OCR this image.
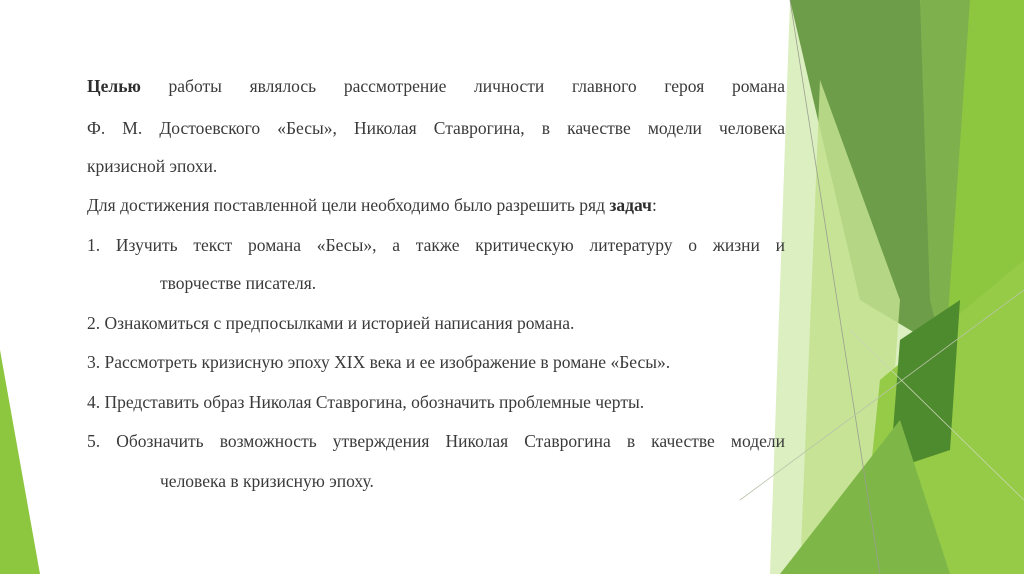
Целью работы являлось рассмотрение личности главного героя романа
Ф. М. Достоевского «Бесы», Николая Ставрогина, в качестве модели человека
кризисной эпохи.
Для достижения поставленной цели необходимо было разрешить ряд задач:
1. Изучить текст романа «Бесы», а также критическую литературу о жизни и
творчестве писателя.
2. Ознакомиться с предпосылками и историей написания романа.
3. Рассмотреть кризисную эпоху XIX века и ее изображение в романе «Бесы».
4. Представить образ Николая Ставрогина, обозначить проблемные черты.
5. Обозначить возможность утверждения Николая Ставрогина в качестве модели
человека в кризисную эпоху.
